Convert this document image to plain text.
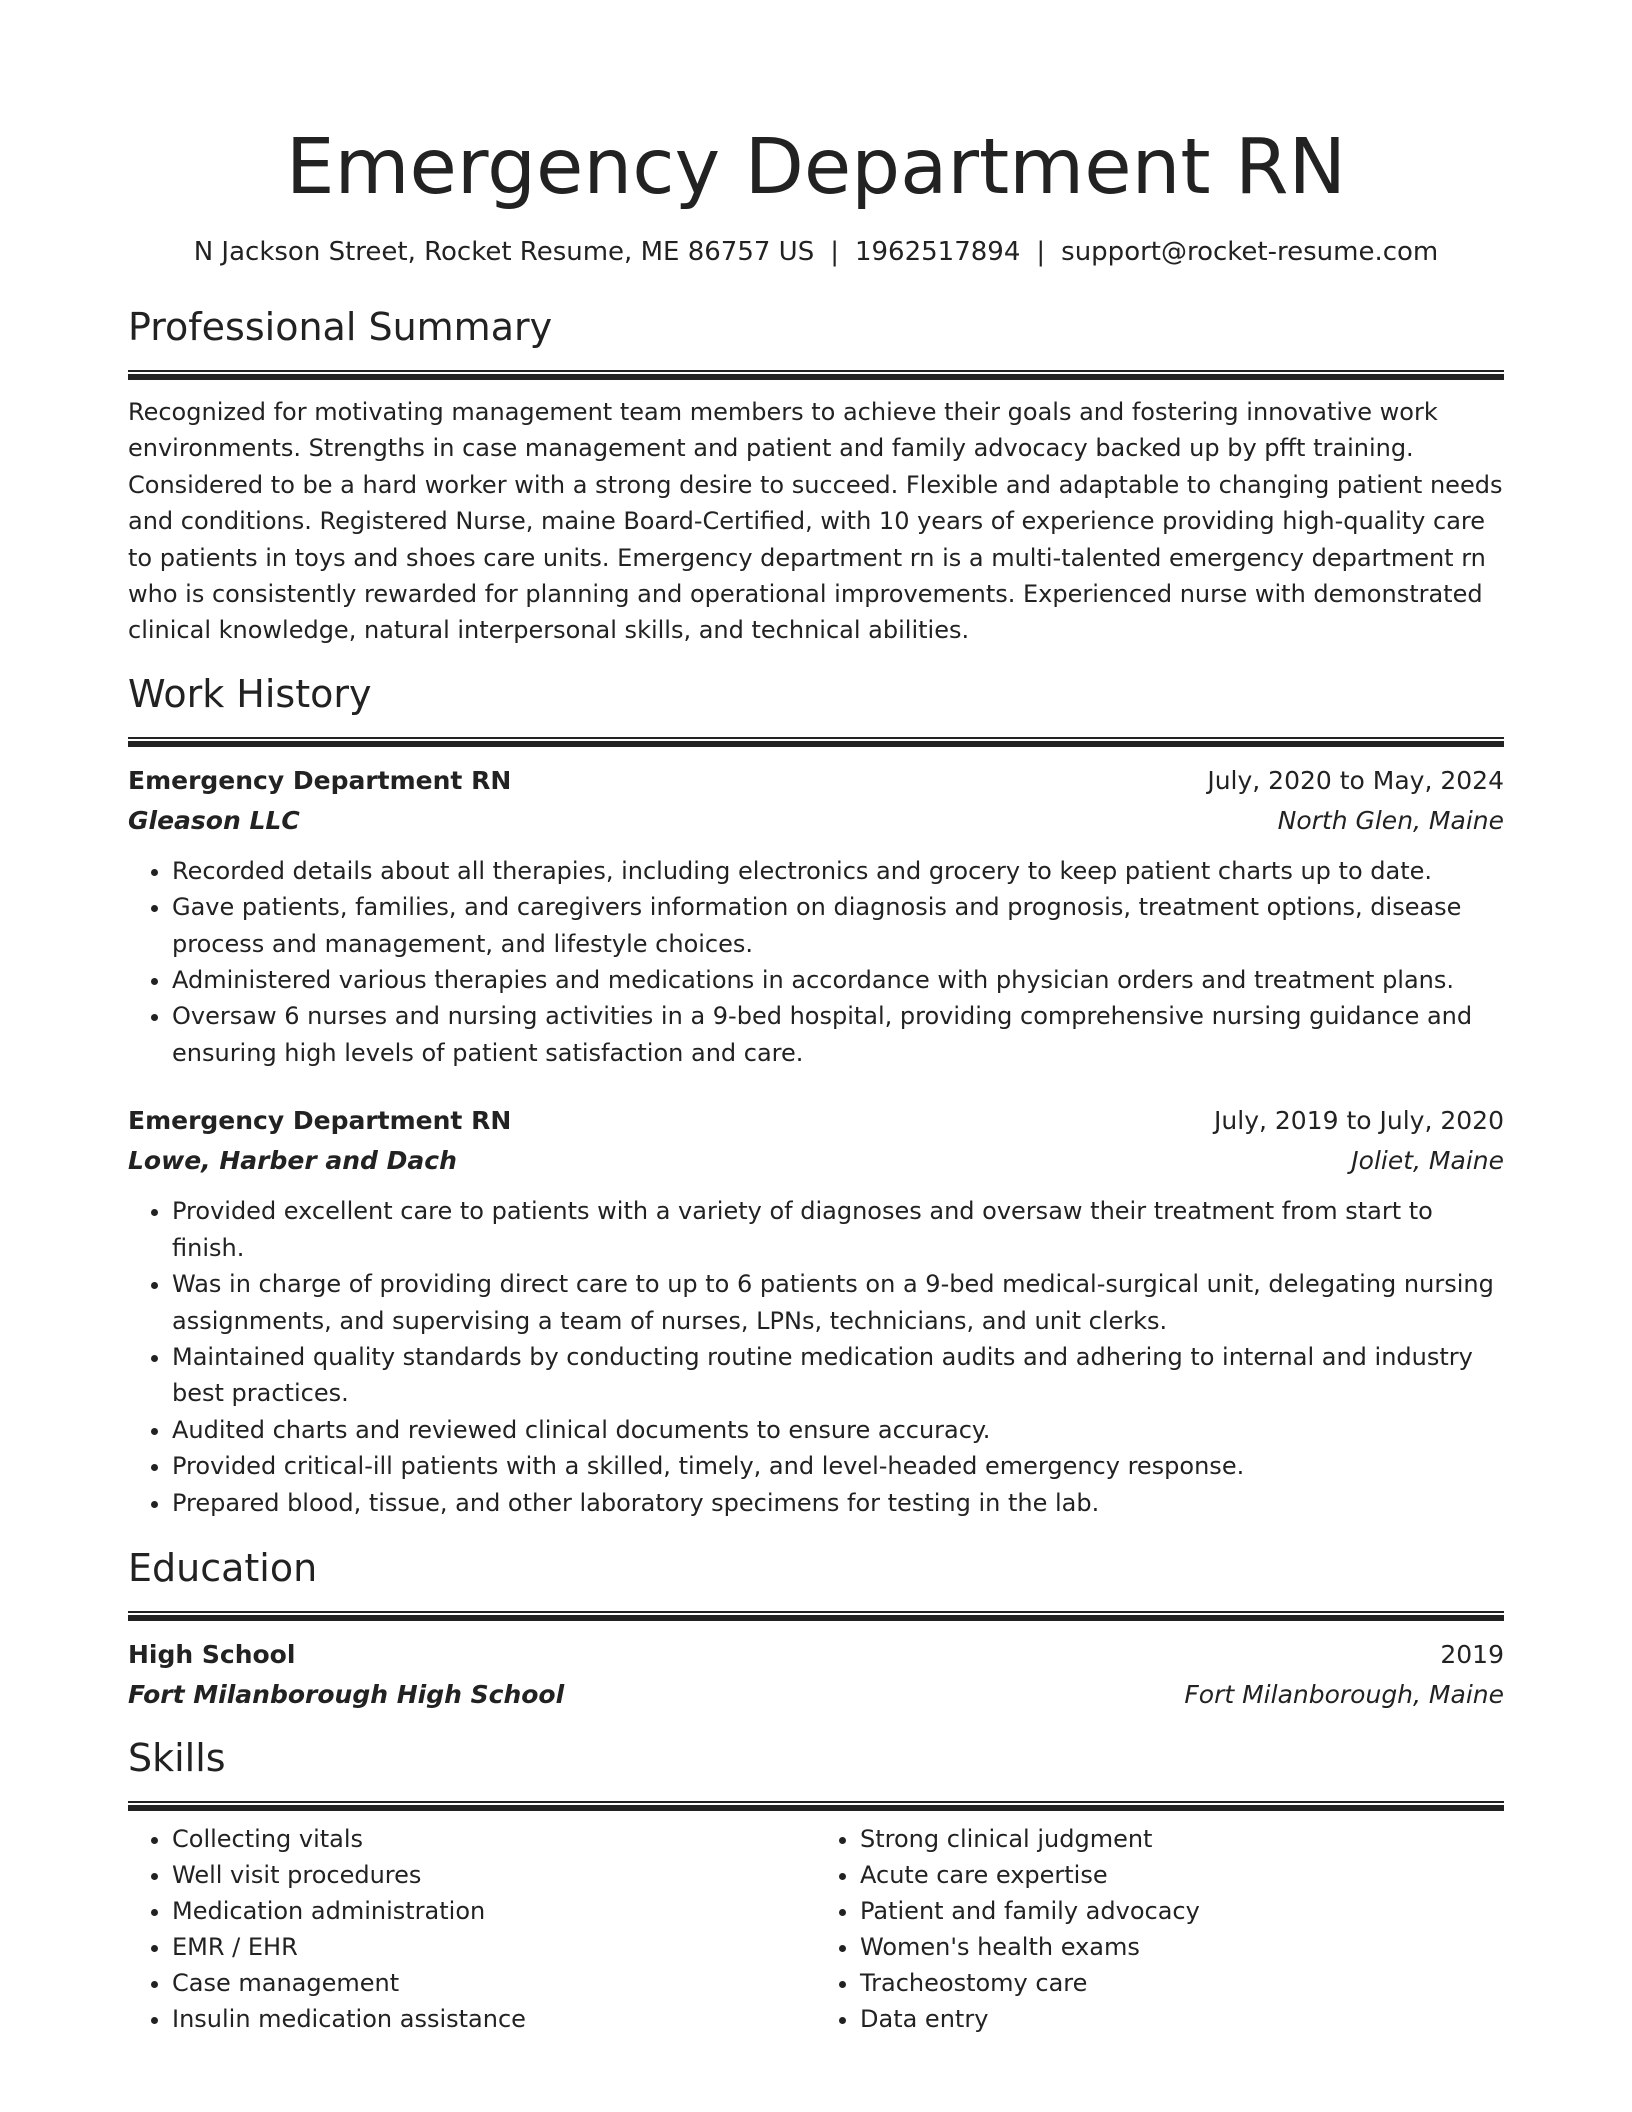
Emergency Department RN
N Jackson Street, Rocket Resume, ME 86757 US | 1962517894 | support@rocket-resume.com
Professional Summary
Recognized for motivating management team members to achieve their goals and fostering innovative work environments. Strengths in case management and patient and family advocacy backed up by pfft training. Considered to be a hard worker with a strong desire to succeed. Flexible and adaptable to changing patient needs and conditions. Registered Nurse, maine Board-Certified, with 10 years of experience providing high-quality care to patients in toys and shoes care units. Emergency department rn is a multi-talented emergency department rn who is consistently rewarded for planning and operational improvements. Experienced nurse with demonstrated clinical knowledge, natural interpersonal skills, and technical abilities.
Work History
Emergency Department RN	July, 2020 to May, 2024
Gleason LLC	North Glen, Maine
• Recorded details about all therapies, including electronics and grocery to keep patient charts up to date.
• Gave patients, families, and caregivers information on diagnosis and prognosis, treatment options, disease process and management, and lifestyle choices.
• Administered various therapies and medications in accordance with physician orders and treatment plans.
• Oversaw 6 nurses and nursing activities in a 9-bed hospital, providing comprehensive nursing guidance and ensuring high levels of patient satisfaction and care.
Emergency Department RN	July, 2019 to July, 2020
Lowe, Harber and Dach	Joliet, Maine
• Provided excellent care to patients with a variety of diagnoses and oversaw their treatment from start to finish.
• Was in charge of providing direct care to up to 6 patients on a 9-bed medical-surgical unit, delegating nursing assignments, and supervising a team of nurses, LPNs, technicians, and unit clerks.
• Maintained quality standards by conducting routine medication audits and adhering to internal and industry best practices.
• Audited charts and reviewed clinical documents to ensure accuracy.
• Provided critical-ill patients with a skilled, timely, and level-headed emergency response.
• Prepared blood, tissue, and other laboratory specimens for testing in the lab.
Education
High School	2019
Fort Milanborough High School	Fort Milanborough, Maine
Skills
• Collecting vitals
• Well visit procedures
• Medication administration
• EMR / EHR
• Case management
• Insulin medication assistance
• Strong clinical judgment
• Acute care expertise
• Patient and family advocacy
• Women's health exams
• Tracheostomy care
• Data entry
